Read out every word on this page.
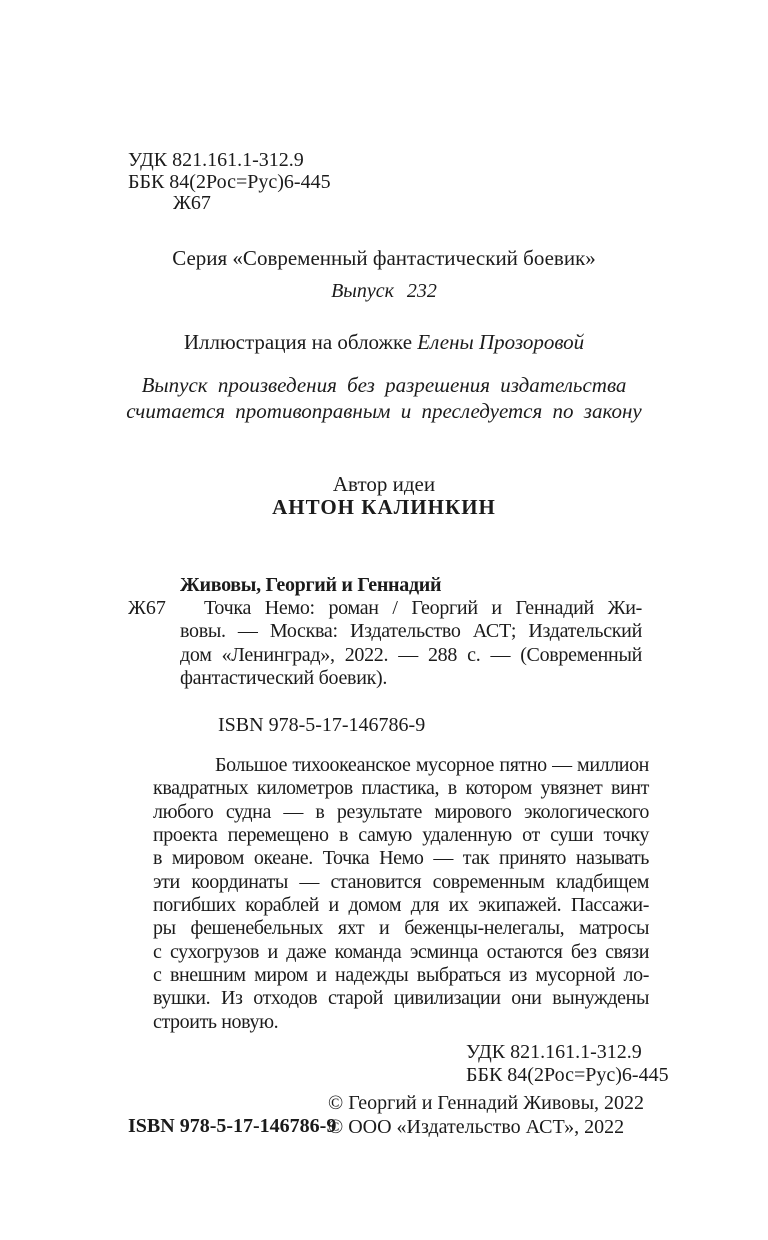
УДК 821.161.1-312.9
ББК 84(2Рос=Рус)6-445
Ж67
Серия «Современный фантастический боевик»
Выпуск 232
Иллюстрация на обложке Елены Прозоровой
Выпуск произведения без разрешения издательства
считается противоправным и преследуется по закону
Автор идеи
АНТОН КАЛИНКИН
Живовы, Георгий и Геннадий
Ж67	Точка Немо: роман / Георгий и Геннадий Жи-
вовы. — Москва: Издательство АСТ; Издательский
дом «Ленинград», 2022. — 288 с. — (Современный
фантастический боевик).
ISBN 978-5-17-146786-9
Большое тихоокеанское мусорное пятно — миллион
квадратных километров пластика, в котором увязнет винт
любого судна — в результате мирового экологического
проекта перемещено в самую удаленную от суши точку
в мировом океане. Точка Немо — так принято называть
эти координаты — становится современным кладбищем
погибших кораблей и домом для их экипажей. Пассажи-
ры фешенебельных яхт и беженцы-нелегалы, матросы
с сухогрузов и даже команда эсминца остаются без связи
с внешним миром и надежды выбраться из мусорной ло-
вушки. Из отходов старой цивилизации они вынуждены
строить новую.
УДК 821.161.1-312.9
ББК 84(2Рос=Рус)6-445
© Георгий и Геннадий Живовы, 2022
© ООО «Издательство АСТ», 2022
ISBN 978-5-17-146786-9
